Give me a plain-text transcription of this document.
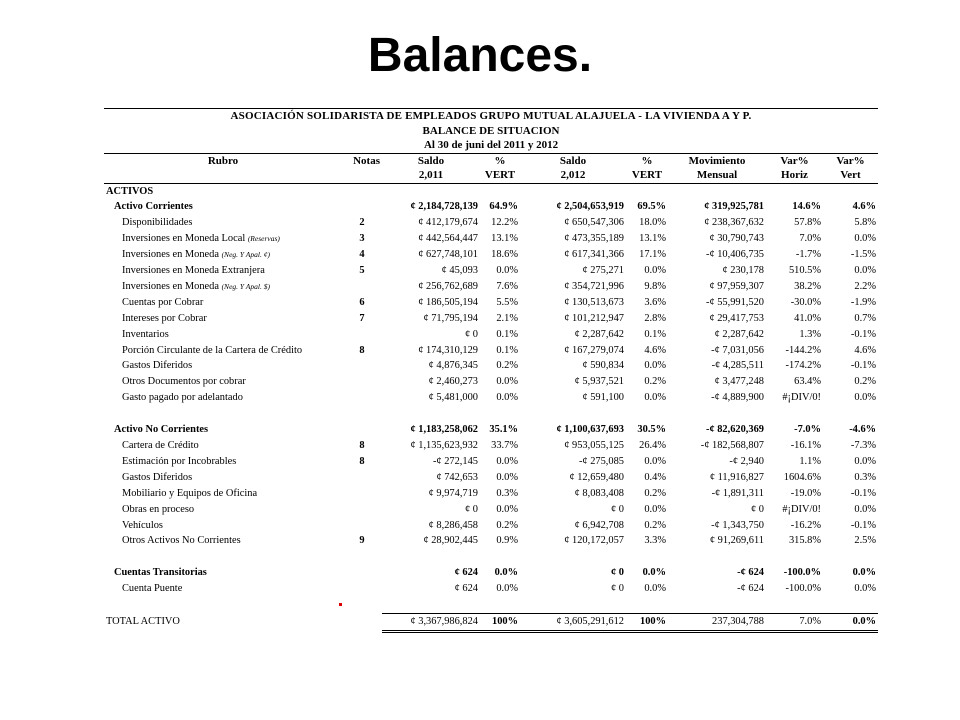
Balances.
ASOCIACIÓN SOLIDARISTA DE EMPLEADOS GRUPO MUTUAL ALAJUELA - LA VIVIENDA A Y P.								
BALANCE DE SITUACION								
Al 30 de juni del 2011 y 2012								
Rubro	Notas	Saldo	%	Saldo	%	Movimiento	Var%	Var%
		2,011	VERT	2,012	VERT	Mensual	Horiz	Vert
ACTIVOS								
Activo Corrientes		¢ 2,184,728,139	64.9%	¢ 2,504,653,919	69.5%	¢ 319,925,781	14.6%	4.6%
Disponibilidades	2	¢ 412,179,674	12.2%	¢ 650,547,306	18.0%	¢ 238,367,632	57.8%	5.8%
Inversiones en Moneda Local (Reservas)	3	¢ 442,564,447	13.1%	¢ 473,355,189	13.1%	¢ 30,790,743	7.0%	0.0%
Inversiones en Moneda (Neg. Y Apal. ¢)	4	¢ 627,748,101	18.6%	¢ 617,341,366	17.1%	-¢ 10,406,735	-1.7%	-1.5%
Inversiones en Moneda Extranjera	5	¢ 45,093	0.0%	¢ 275,271	0.0%	¢ 230,178	510.5%	0.0%
Inversiones en Moneda (Neg. Y Apal. $)		¢ 256,762,689	7.6%	¢ 354,721,996	9.8%	¢ 97,959,307	38.2%	2.2%
Cuentas por Cobrar	6	¢ 186,505,194	5.5%	¢ 130,513,673	3.6%	-¢ 55,991,520	-30.0%	-1.9%
Intereses por Cobrar	7	¢ 71,795,194	2.1%	¢ 101,212,947	2.8%	¢ 29,417,753	41.0%	0.7%
Inventarios		¢ 0	0.1%	¢ 2,287,642	0.1%	¢ 2,287,642	1.3%	-0.1%
Porción Circulante de la Cartera de Crédito	8	¢ 174,310,129	0.1%	¢ 167,279,074	4.6%	-¢ 7,031,056	-144.2%	4.6%
Gastos Diferidos		¢ 4,876,345	0.2%	¢ 590,834	0.0%	-¢ 4,285,511	-174.2%	-0.1%
Otros Documentos por cobrar		¢ 2,460,273	0.0%	¢ 5,937,521	0.2%	¢ 3,477,248	63.4%	0.2%
Gasto pagado por adelantado		¢ 5,481,000	0.0%	¢ 591,100	0.0%	-¢ 4,889,900	#¡DIV/0!	0.0%

Activo No Corrientes		¢ 1,183,258,062	35.1%	¢ 1,100,637,693	30.5%	-¢ 82,620,369	-7.0%	-4.6%
Cartera de Crédito	8	¢ 1,135,623,932	33.7%	¢ 953,055,125	26.4%	-¢ 182,568,807	-16.1%	-7.3%
Estimación por Incobrables	8	-¢ 272,145	0.0%	-¢ 275,085	0.0%	-¢ 2,940	1.1%	0.0%
Gastos Diferidos		¢ 742,653	0.0%	¢ 12,659,480	0.4%	¢ 11,916,827	1604.6%	0.3%
Mobiliario y Equipos de Oficina		¢ 9,974,719	0.3%	¢ 8,083,408	0.2%	-¢ 1,891,311	-19.0%	-0.1%
Obras en proceso		¢ 0	0.0%	¢ 0	0.0%	¢ 0	#¡DIV/0!	0.0%
Vehículos		¢ 8,286,458	0.2%	¢ 6,942,708	0.2%	-¢ 1,343,750	-16.2%	-0.1%
Otros Activos No Corrientes	9	¢ 28,902,445	0.9%	¢ 120,172,057	3.3%	¢ 91,269,611	315.8%	2.5%

Cuentas Transitorias		¢ 624	0.0%	¢ 0	0.0%	-¢ 624	-100.0%	0.0%
Cuenta Puente		¢ 624	0.0%	¢ 0	0.0%	-¢ 624	-100.0%	0.0%

TOTAL ACTIVO		¢ 3,367,986,824	100%	¢ 3,605,291,612	100%	237,304,788	7.0%	0.0%
